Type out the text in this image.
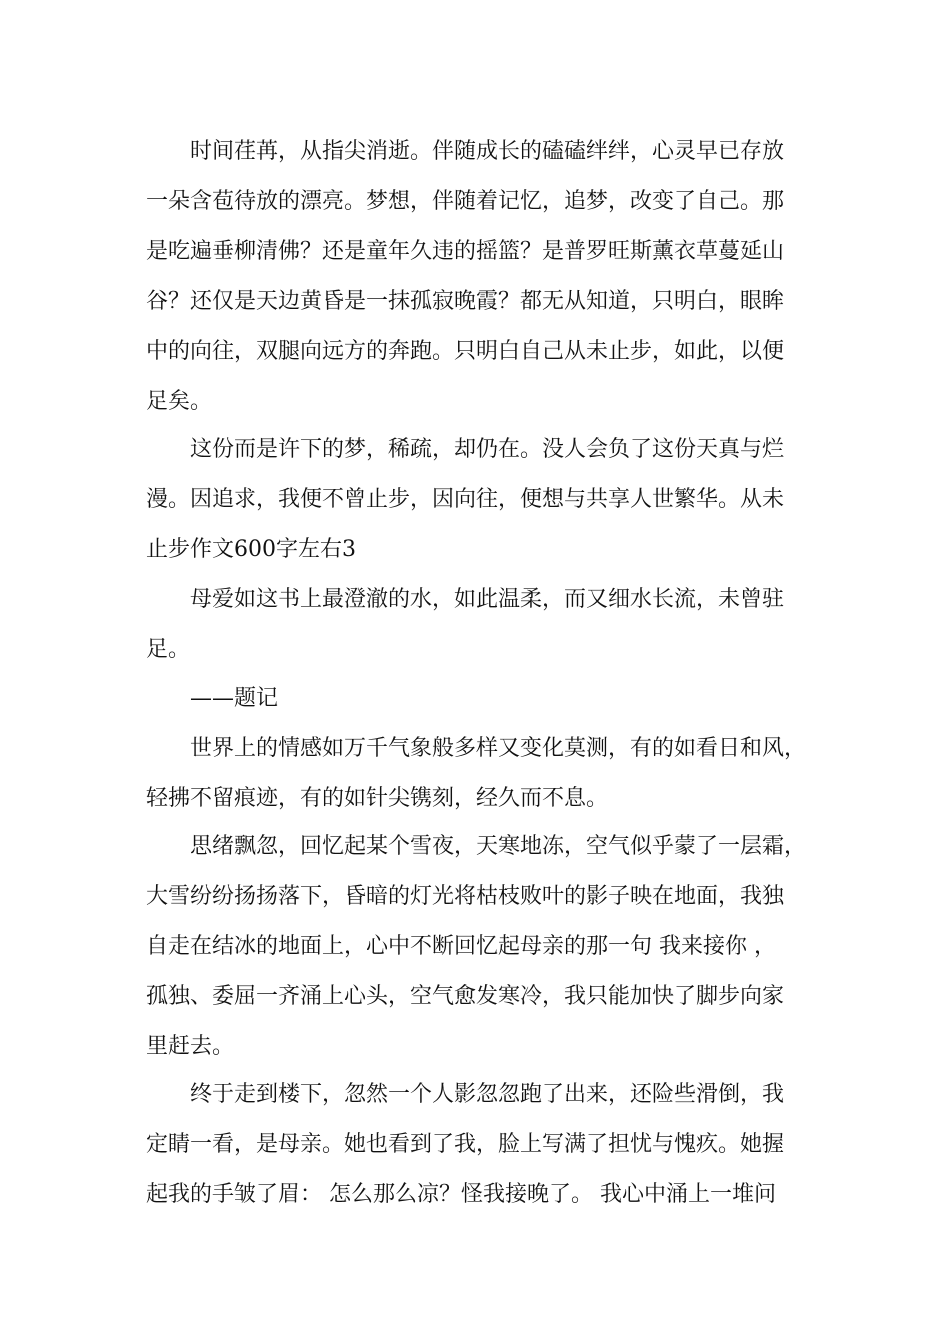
时间荏苒，从指尖消逝。伴随成长的磕磕绊绊，心灵早已存放

一朵含苞待放的漂亮。梦想，伴随着记忆，追梦，改变了自己。那

是吃遍垂柳清佛？还是童年久违的摇篮？是普罗旺斯薰衣草蔓延山

谷？还仅是天边黄昏是一抹孤寂晚霞？都无从知道，只明白，眼眸

中的向往，双腿向远方的奔跑。只明白自己从未止步，如此，以便

足矣。

这份而是许下的梦，稀疏，却仍在。没人会负了这份天真与烂

漫。因追求，我便不曾止步，因向往，便想与共享人世繁华。从未

止步作文600字左右3

母爱如这书上最澄澈的水，如此温柔，而又细水长流，未曾驻

足。

——题记

世界上的情感如万千气象般多样又变化莫测，有的如看日和风，

轻拂不留痕迹，有的如针尖镌刻，经久而不息。

思绪飘忽，回忆起某个雪夜，天寒地冻，空气似乎蒙了一层霜，

大雪纷纷扬扬落下，昏暗的灯光将枯枝败叶的影子映在地面，我独

自走在结冰的地面上，心中不断回忆起母亲的那一句 我来接你 ，

孤独、委屈一齐涌上心头，空气愈发寒冷，我只能加快了脚步向家

里赶去。

终于走到楼下，忽然一个人影忽忽跑了出来，还险些滑倒，我

定睛一看，是母亲。她也看到了我，脸上写满了担忧与愧疚。她握

起我的手皱了眉： 怎么那么凉？怪我接晚了。 我心中涌上一堆问
